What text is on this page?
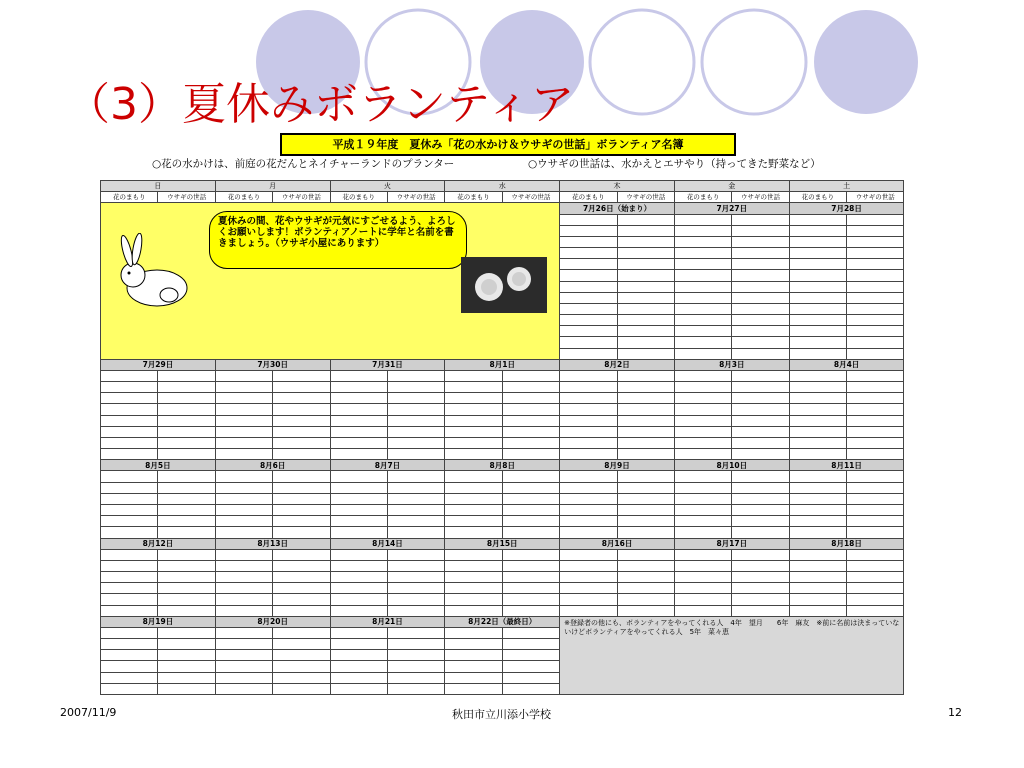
（3）夏休みボランティア
平成１９年度　夏休み「花の水かけ＆ウサギの世話」ボランティア名簿
○花の水かけは、前庭の花だんとネイチャーランドのプランター	○ウサギの世話は、水かえとエサやり（持ってきた野菜など）
日		月		火		水		木		金		土	
花のまもり	ウサギの世話	花のまもり	ウサギの世話	花のまもり	ウサギの世話	花のまもり	ウサギの世話	花のまもり	ウサギの世話	花のまもり	ウサギの世話	花のまもり	ウサギの世話

夏休みの間、花やウサギが元気にすごせるよう、よろしくお願いします！ボランティアノートに学年と名前を書きましょう。（ウサギ小屋にあります）								7月26日（始まり）		7月27日		7月28日	

7月29日		7月30日		7月31日		8月1日		8月2日		8月3日		8月4日	

8月5日		8月6日		8月7日		8月8日		8月9日		8月10日		8月11日	

8月12日		8月13日		8月14日		8月15日		8月16日		8月17日		8月18日	

8月19日		8月20日		8月21日		8月22日（最終日）		※登録者の他にも、ボランティアをやってくれる人　4年　望月　　6年　麻友　※前に名前は決まっていないけどボランティアをやってくれる人　5年　菜々恵					

2007/11/9	秋田市立川添小学校	12
